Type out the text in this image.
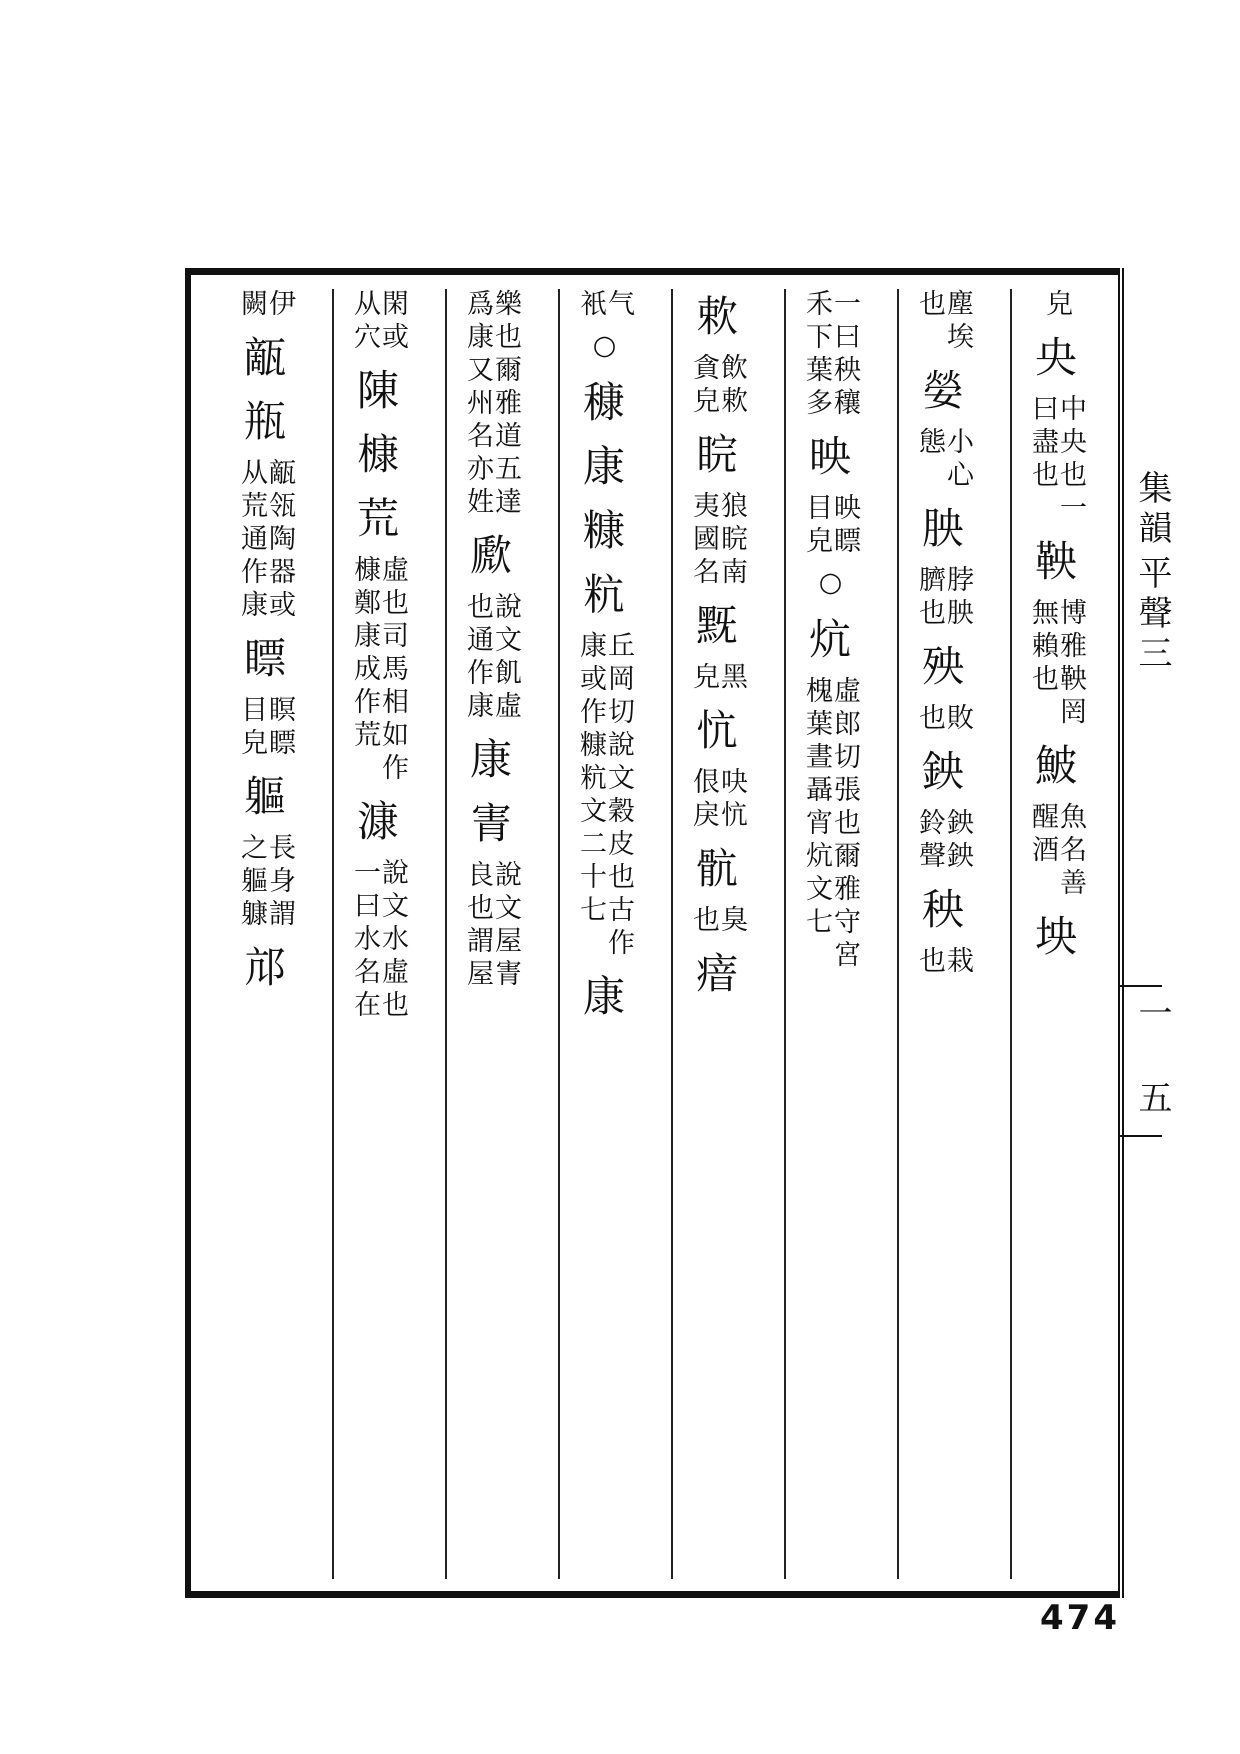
皃
央
中央也一
曰盡也
鞅
博雅鞅罔
無賴也
鮍
魚名善
醒酒
坱
塵埃
也
嫈
小心
態
胦
脖胦
臍也
殃
敗
也
鉠
鉠鉠
鈴聲
秧
栽
也
一曰秧穰
禾下葉多
映
映瞟
目皃
○
炕
虛郎切張也爾雅守宮
槐葉晝聶宵炕文七
欶
飲欶
貪皃
睆
狼睆南
夷國名
黖
黑
皃
忼
吷忼
佷戾
骯
臭
也
瘖
气
衹
○
穅
康
糠
粇
丘岡切說文穀皮也古作
康或作糠粇文二十七
康
樂也爾雅道五達
爲康又州名亦姓
歋
說文飢虛
也通作康
康
寈
說文屋寈
良也謂屋
閑或
从穴
陳
槺
荒
虛也司馬相如作
槺鄭康成作荒
漮
說文水虛也
一曰水名在
伊
闕
甋
瓶
甋瓴陶器或
从荒通作康
瞟
瞑瞟
目皃
軀
長身謂
之軀躿
邟
集韻
平聲三
一
五
474
